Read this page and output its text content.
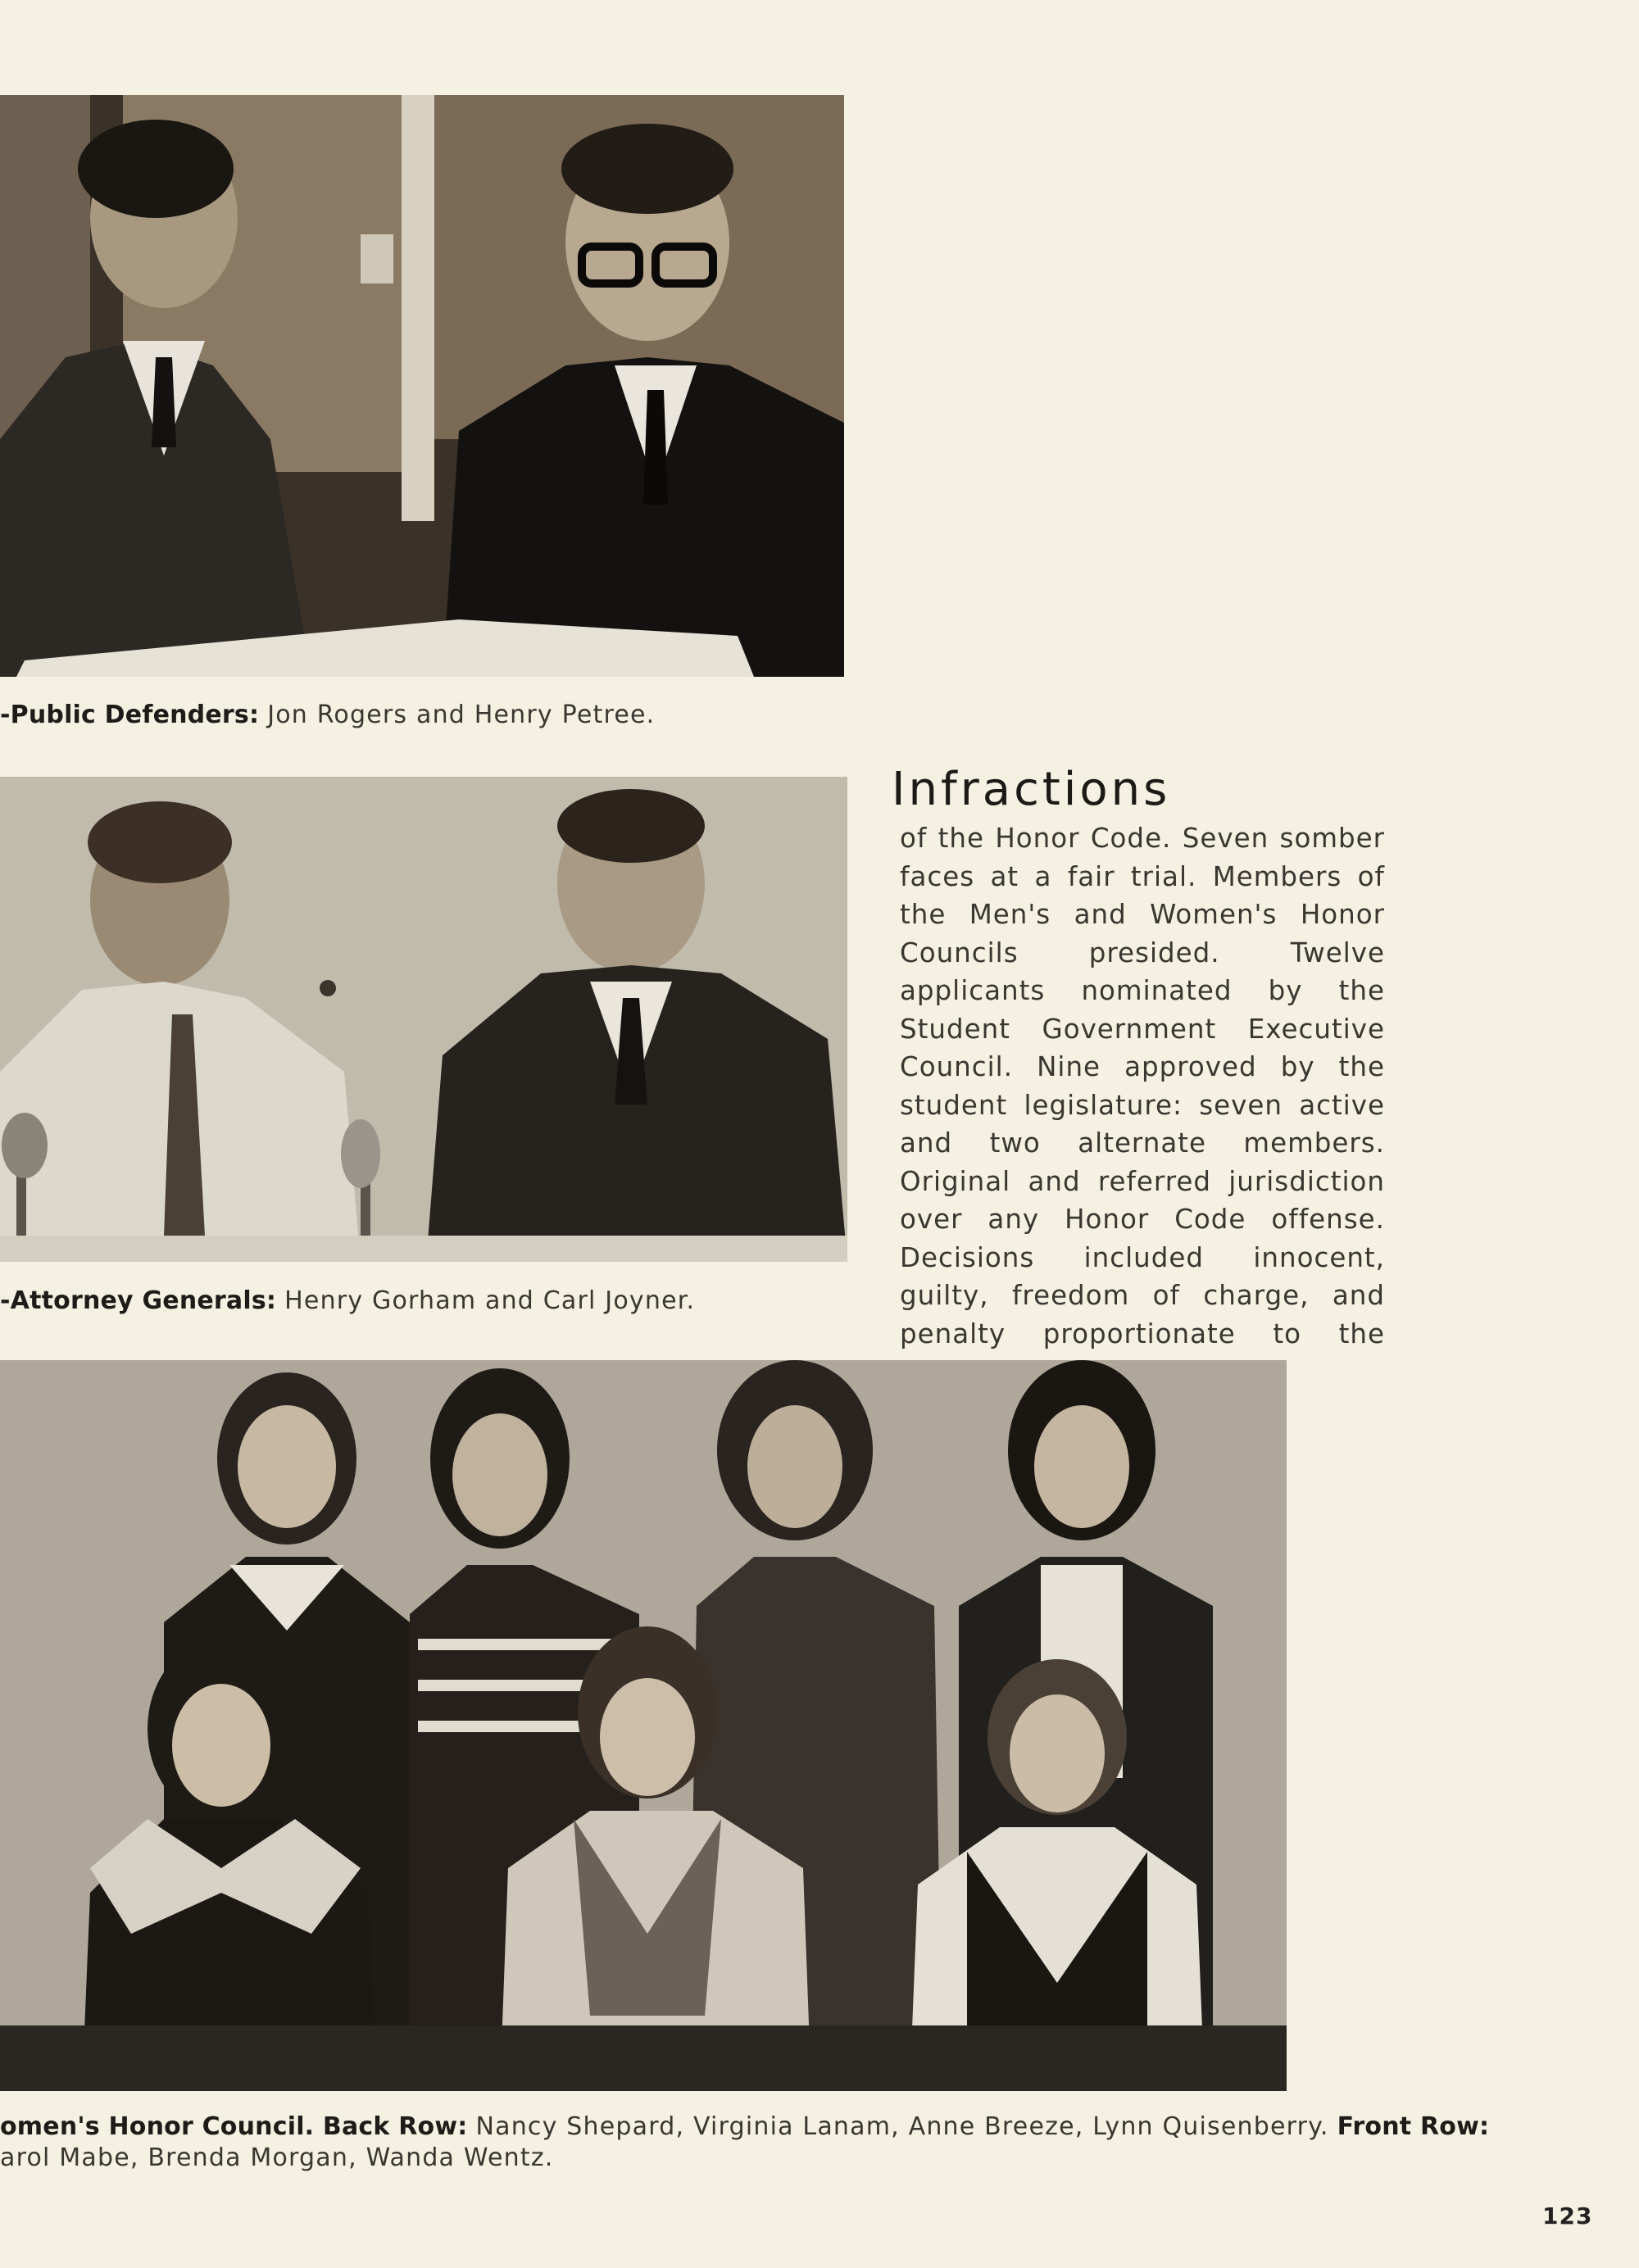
-Public Defenders: Jon Rogers and Henry Petree.
-Attorney Generals: Henry Gorham and Carl Joyner.
Infractions
of the Honor Code. Seven somber faces at a fair trial. Members of the Men's and Women's Honor Councils presided. Twelve applicants nominated by the Student Government Executive Council. Nine approved by the student legislature: seven active and two alternate members. Original and referred jurisdiction over any Honor Code offense. Decisions included innocent, guilty, freedom of charge, and penalty proportionate to the
omen's Honor Council. Back Row: Nancy Shepard, Virginia Lanam, Anne Breeze, Lynn Quisenberry. Front Row:
arol Mabe, Brenda Morgan, Wanda Wentz.
123
